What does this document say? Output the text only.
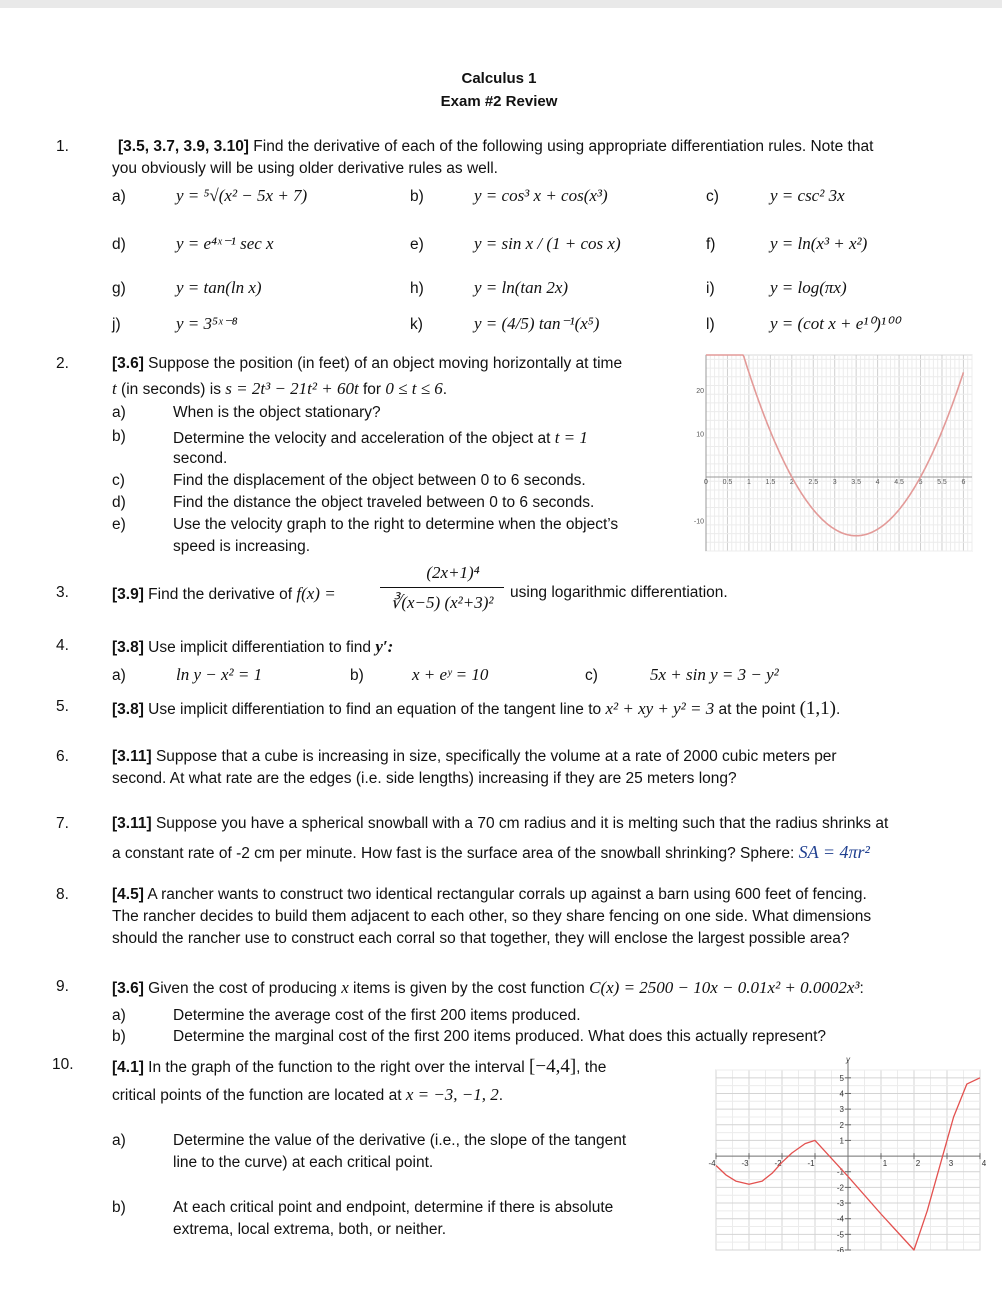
Calculus 1
Exam #2 Review
1.	[3.5, 3.7, 3.9, 3.10] Find the derivative of each of the following using appropriate differentiation rules. Note that
you obviously will be using older derivative rules as well.
a)	y = ⁵√(x² − 5x + 7)	b)	y = cos³ x + cos(x³)	c)	y = csc² 3x
d)	y = e⁴ˣ⁻¹ sec x	e)	y = sin x / (1 + cos x)	f)	y = ln(x³ + x²)
g)	y = tan(ln x)	h)	y = ln(tan 2x)	i)	y = log(πx)
j)	y = 3⁵ˣ⁻⁸	k)	y = (4/5) tan⁻¹(x⁵)	l)	y = (cot x + e¹⁰)¹⁰⁰
2.	[3.6] Suppose the position (in feet) of an object moving horizontally at time
t (in seconds) is s = 2t³ − 21t² + 60t for 0 ≤ t ≤ 6.
a)	When is the object stationary?
b)	Determine the velocity and acceleration of the object at t = 1
second.
c)	Find the displacement of the object between 0 to 6 seconds.
d)	Find the distance the object traveled between 0 to 6 seconds.
e)	Use the velocity graph to the right to determine when the object’s
speed is increasing.
0 0.5 1 1.5 2 2.5 3 3.5 4 4.5 5 5.5 6
20
10
-10
3.	[3.9] Find the derivative of f(x) =
(2x+1)⁴
∛(x−5) (x²+3)²
using logarithmic differentiation.
4.	[3.8] Use implicit differentiation to find y′:
a)	ln y − x² = 1	b)	x + eʸ = 10	c)	5x + sin y = 3 − y²
5.	[3.8] Use implicit differentiation to find an equation of the tangent line to x² + xy + y² = 3 at the point (1,1).
6.	[3.11] Suppose that a cube is increasing in size, specifically the volume at a rate of 2000 cubic meters per
second. At what rate are the edges (i.e. side lengths) increasing if they are 25 meters long?
7.	[3.11] Suppose you have a spherical snowball with a 70 cm radius and it is melting such that the radius shrinks at
a constant rate of -2 cm per minute. How fast is the surface area of the snowball shrinking? Sphere: SA = 4πr²
8.	[4.5] A rancher wants to construct two identical rectangular corrals up against a barn using 600 feet of fencing.
The rancher decides to build them adjacent to each other, so they share fencing on one side. What dimensions
should the rancher use to construct each corral so that together, they will enclose the largest possible area?
9.	[3.6] Given the cost of producing x items is given by the cost function C(x) = 2500 − 10x − 0.01x² + 0.0002x³:
a)	Determine the average cost of the first 200 items produced.
b)	Determine the marginal cost of the first 200 items produced. What does this actually represent?
10. [4.1] In the graph of the function to the right over the interval [−4,4], the
critical points of the function are located at x = −3, −1, 2.
a)	Determine the value of the derivative (i.e., the slope of the tangent
line to the curve) at each critical point.
b)	At each critical point and endpoint, determine if there is absolute
extrema, local extrema, both, or neither.
y
-4	-3	-2	-1	1	2	3	4
5
4
3
2
1
-1
-2
-3
-4
-5
-6
